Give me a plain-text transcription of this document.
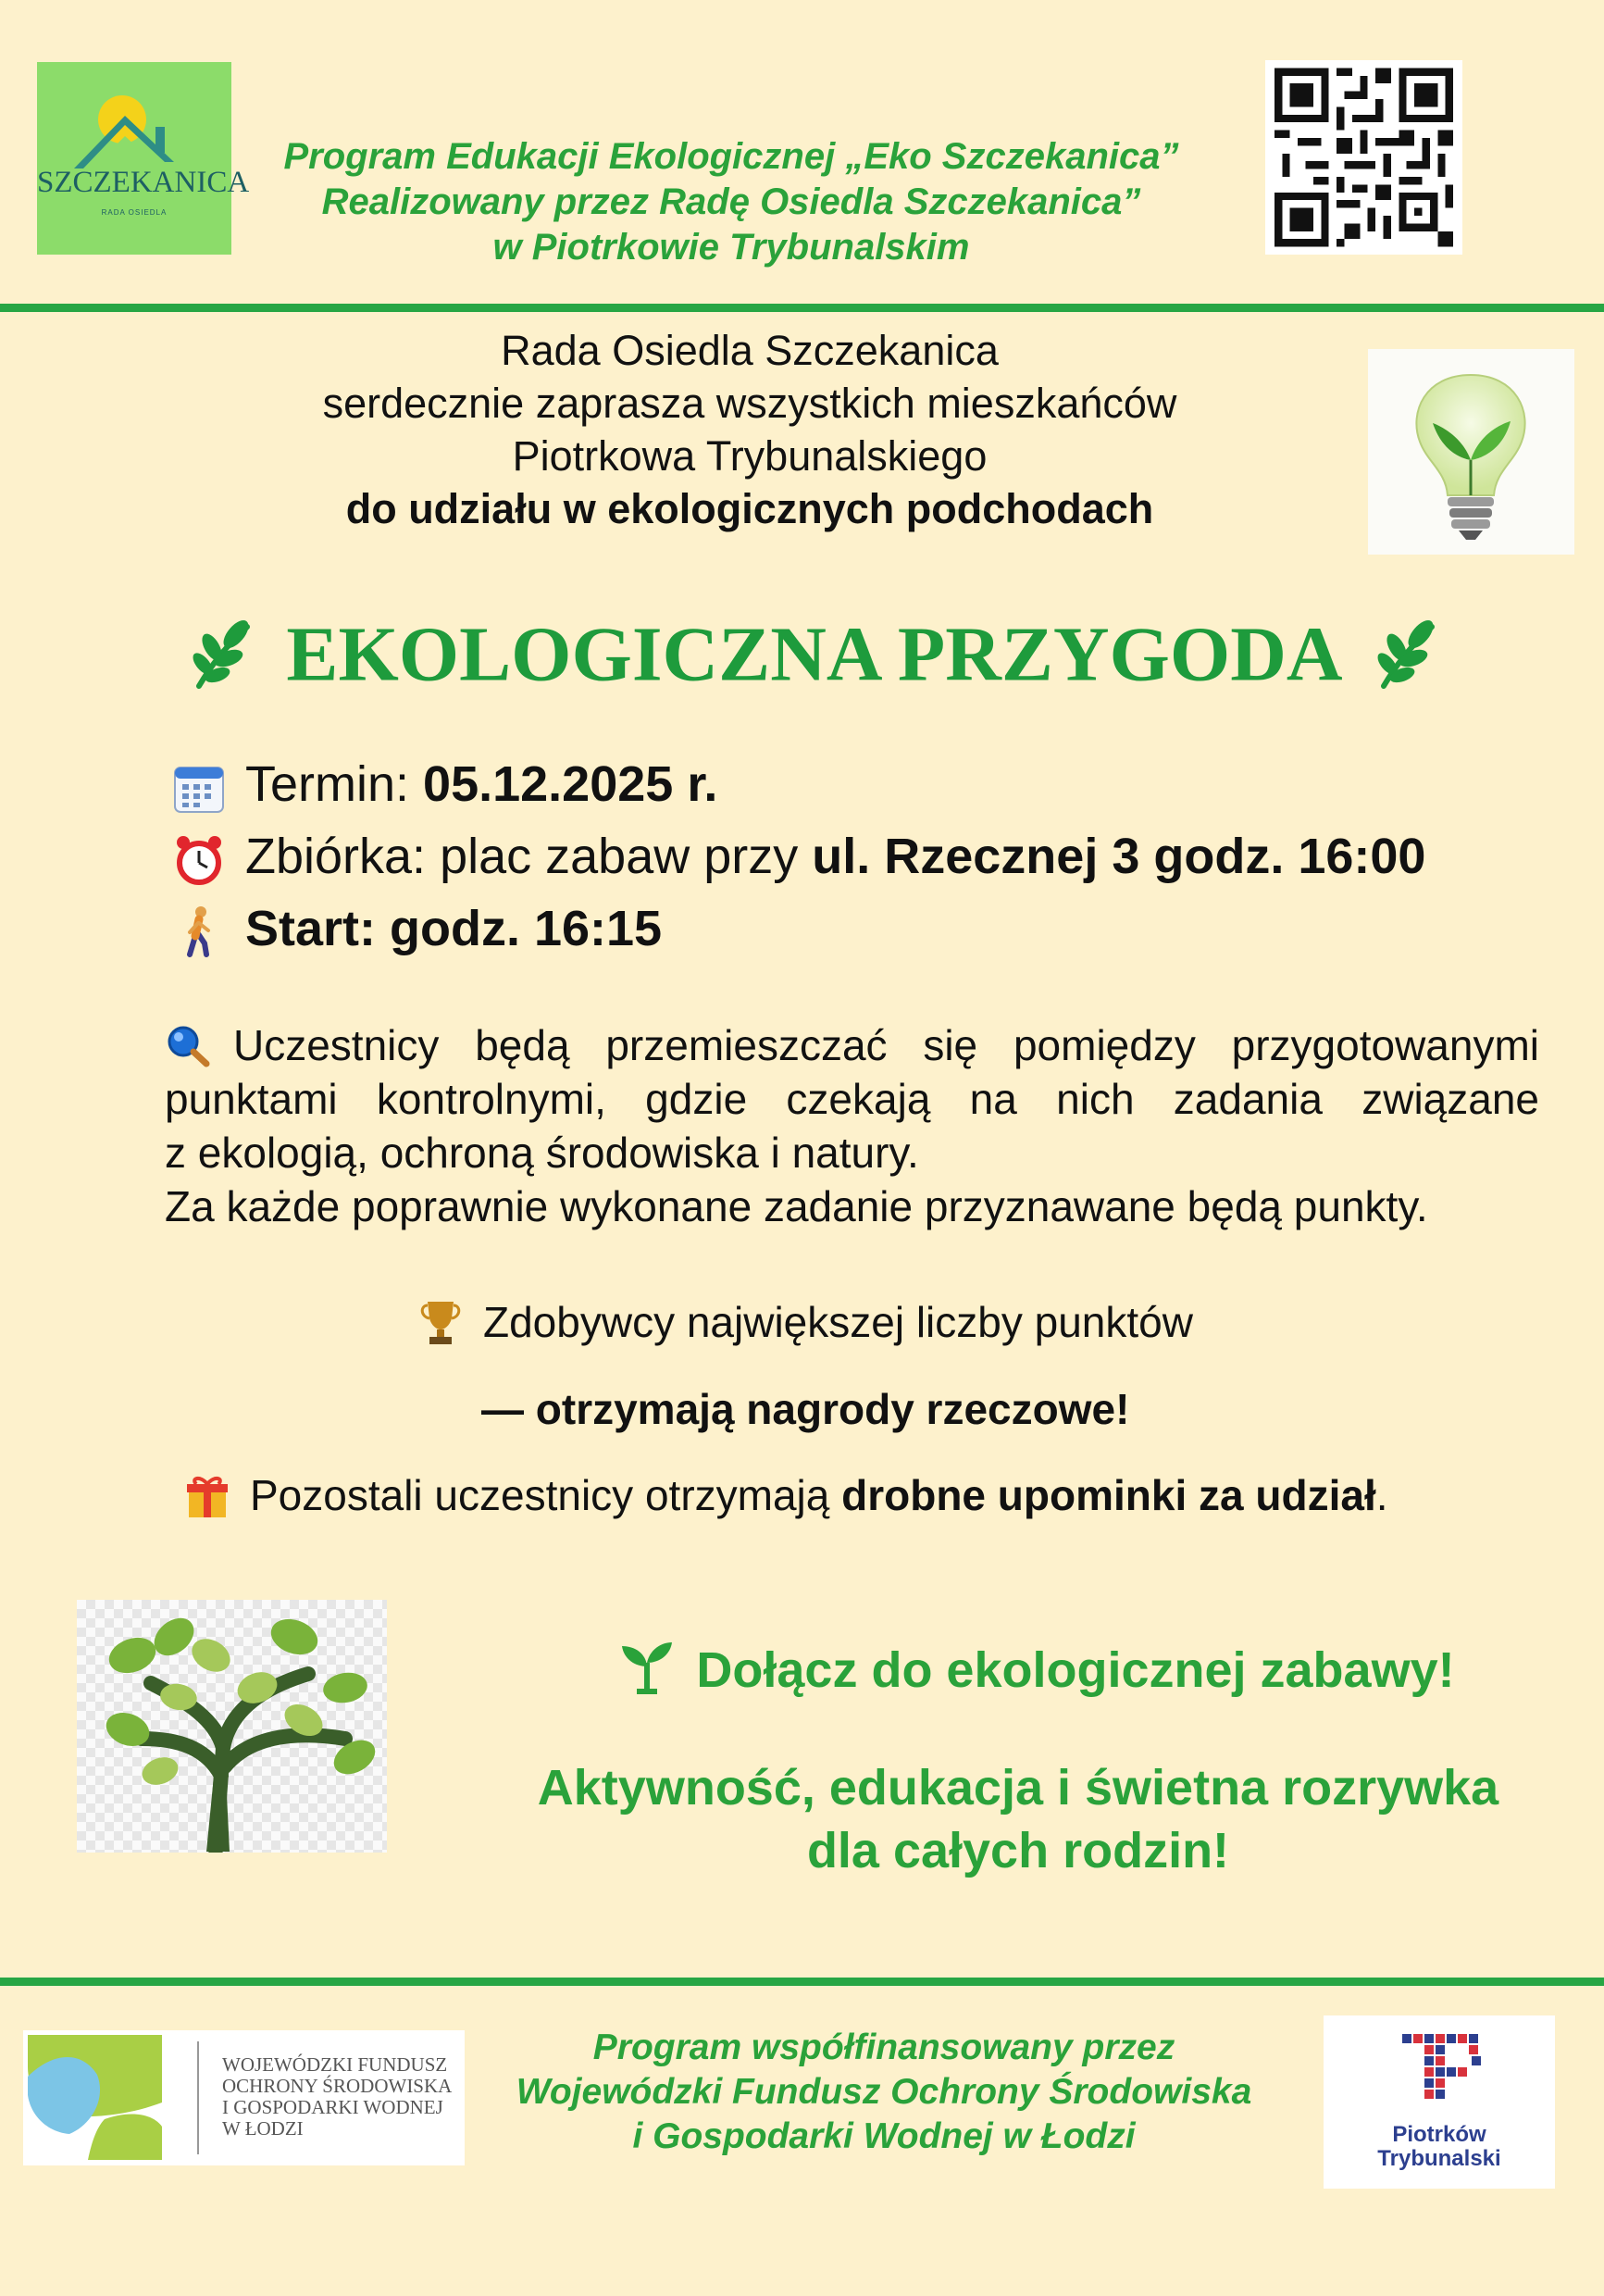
SZCZEKANICA
RADA OSIEDLA
Program Edukacji Ekologicznej „Eko Szczekanica”
Realizowany przez Radę Osiedla Szczekanica”
w Piotrkowie Trybunalskim
Rada Osiedla Szczekanica
serdecznie zaprasza wszystkich mieszkańców
Piotrkowa Trybunalskiego
do udziału w ekologicznych podchodach
EKOLOGICZNA PRZYGODA
Termin: 05.12.2025 r.
Zbiórka: plac zabaw przy ul. Rzecznej 3 godz. 16:00
Start: godz. 16:15
Uczestnicy będą przemieszczać się pomiędzy przygotowanymi
punktami kontrolnymi, gdzie czekają na nich zadania związane
z ekologią, ochroną środowiska i natury.
Za każde poprawnie wykonane zadanie przyznawane będą punkty.
Zdobywcy największej liczby punktów
— otrzymają nagrody rzeczowe!
Pozostali uczestnicy otrzymają drobne upominki za udział.
Dołącz do ekologicznej zabawy!
Aktywność, edukacja i świetna rozrywka
dla całych rodzin!
WOJEWÓDZKI FUNDUSZ
OCHRONY ŚRODOWISKA
I GOSPODARKI WODNEJ
W ŁODZI
Program współfinansowany przez
Wojewódzki Fundusz Ochrony Środowiska
i Gospodarki Wodnej w Łodzi	Piotrków
Trybunalski
